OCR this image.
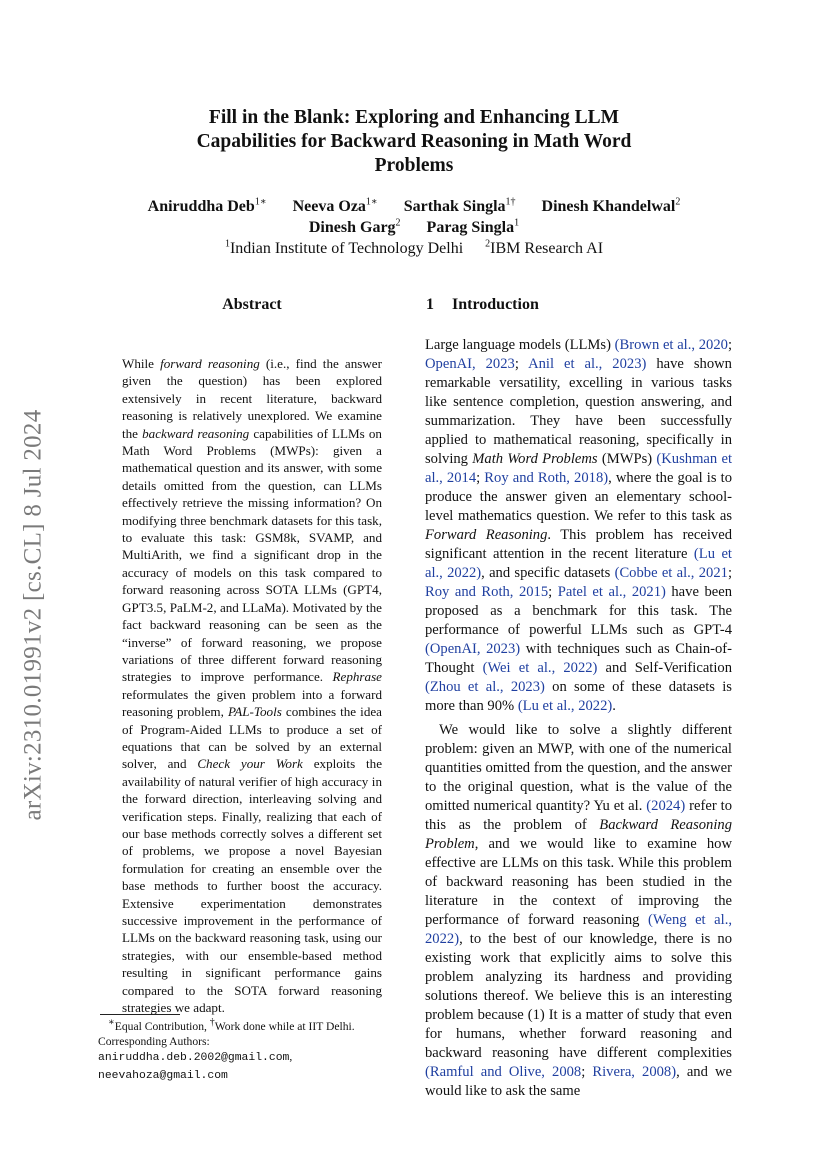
arXiv:2310.01991v2 [cs.CL] 8 Jul 2024
Fill in the Blank: Exploring and Enhancing LLM Capabilities for Backward Reasoning in Math Word Problems
Aniruddha Deb$^{1∗}$ Neeva Oza$^{1∗}$ Sarthak Singla$^{1\dagger}$ Dinesh Khandelwal$^2$
Dinesh Garg$^2$ Parag Singla$^1$
$^1$Indian Institute of Technology Delhi $^2$IBM Research AI
Abstract
While forward reasoning (i.e., find the answer given the question) has been explored extensively in recent literature, backward reasoning is relatively unexplored. We examine the backward reasoning capabilities of LLMs on Math Word Problems (MWPs): given a mathematical question and its answer, with some details omitted from the question, can LLMs effectively retrieve the missing information? On modifying three benchmark datasets for this task, to evaluate this task: GSM8k, SVAMP, and MultiArith, we find a significant drop in the accuracy of models on this task compared to forward reasoning across SOTA LLMs (GPT4, GPT3.5, PaLM-2, and LLaMa). Motivated by the fact backward reasoning can be seen as the “inverse” of forward reasoning, we propose variations of three different forward reasoning strategies to improve performance. Rephrase reformulates the given problem into a forward reasoning problem, PAL-Tools combines the idea of Program-Aided LLMs to produce a set of equations that can be solved by an external solver, and Check your Work exploits the availability of natural verifier of high accuracy in the forward direction, interleaving solving and verification steps. Finally, realizing that each of our base methods correctly solves a different set of problems, we propose a novel Bayesian formulation for creating an ensemble over the base methods to further boost the accuracy. Extensive experimentation demonstrates successive improvement in the performance of LLMs on the backward reasoning task, using our strategies, with our ensemble-based method resulting in significant performance gains compared to the SOTA forward reasoning strategies we adapt.
∗Equal Contribution, †Work done while at IIT Delhi.
Corresponding Authors:
aniruddha.deb.2002@gmail.com,
neevahoza@gmail.com
1 Introduction

Large language models (LLMs) (Brown et al., 2020; OpenAI, 2023; Anil et al., 2023) have shown remarkable versatility, excelling in various tasks like sentence completion, question answering, and summarization. They have been successfully applied to mathematical reasoning, specifically in solving Math Word Problems (MWPs) (Kushman et al., 2014; Roy and Roth, 2018), where the goal is to produce the answer given an elementary school-level mathematics question. We refer to this task as Forward Reasoning. This problem has received significant attention in the recent literature (Lu et al., 2022), and specific datasets (Cobbe et al., 2021; Roy and Roth, 2015; Patel et al., 2021) have been proposed as a benchmark for this task. The performance of powerful LLMs such as GPT-4 (OpenAI, 2023) with techniques such as Chain-of-Thought (Wei et al., 2022) and Self-Verification (Zhou et al., 2023) on some of these datasets is more than 90% (Lu et al., 2022).

We would like to solve a slightly different problem: given an MWP, with one of the numerical quantities omitted from the question, and the answer to the original question, what is the value of the omitted numerical quantity? Yu et al. (2024) refer to this as the problem of Backward Reasoning Problem, and we would like to examine how effective are LLMs on this task. While this problem of backward reasoning has been studied in the literature in the context of improving the performance of forward reasoning (Weng et al., 2022), to the best of our knowledge, there is no existing work that explicitly aims to solve this problem analyzing its hardness and providing solutions thereof. We believe this is an interesting problem because (1) It is a matter of study that even for humans, whether forward reasoning and backward reasoning have different complexities (Ramful and Olive, 2008; Rivera, 2008), and we would like to ask the same
